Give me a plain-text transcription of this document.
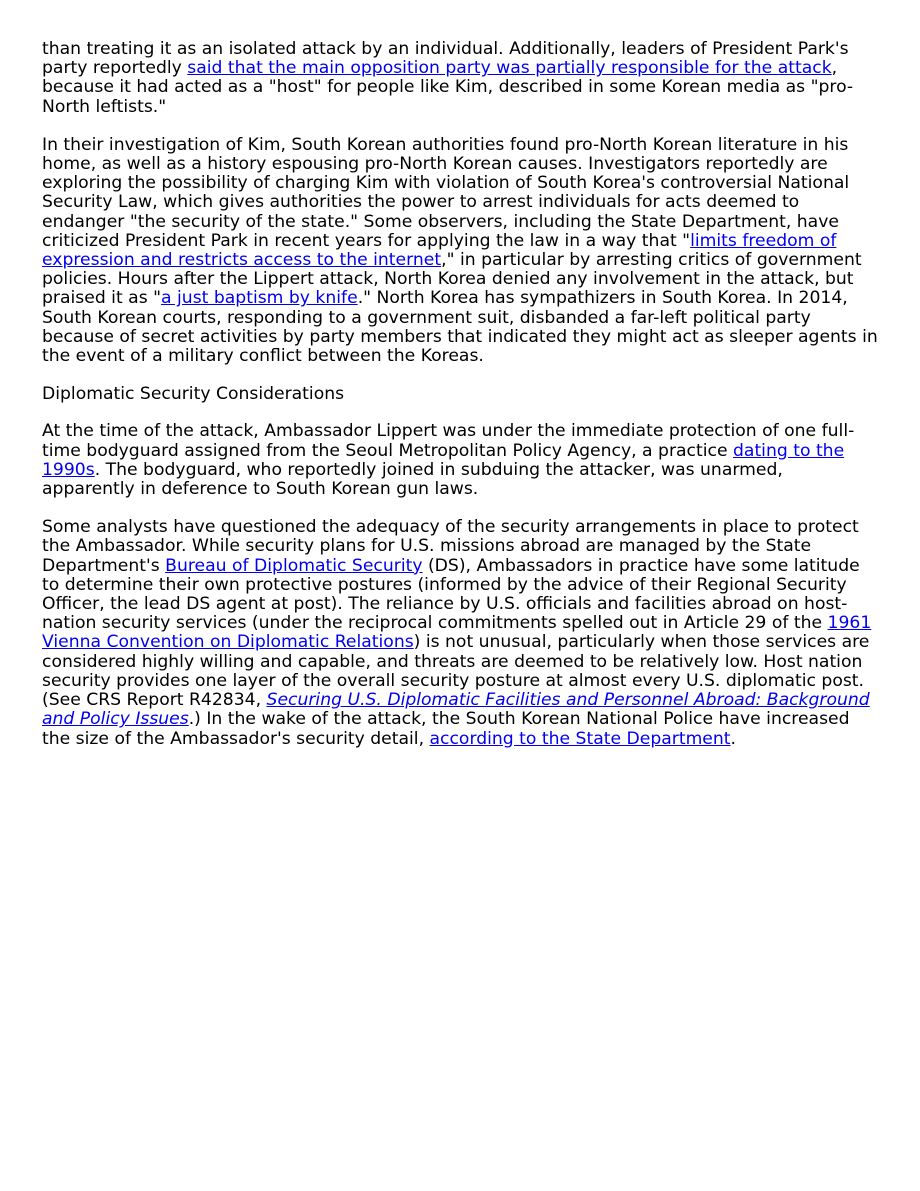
than treating it as an isolated attack by an individual. Additionally, leaders of President Park's party reportedly said that the main opposition party was partially responsible for the attack, because it had acted as a "host" for people like Kim, described in some Korean media as "pro-North leftists."

In their investigation of Kim, South Korean authorities found pro-North Korean literature in his home, as well as a history espousing pro-North Korean causes. Investigators reportedly are exploring the possibility of charging Kim with violation of South Korea's controversial National Security Law, which gives authorities the power to arrest individuals for acts deemed to endanger "the security of the state." Some observers, including the State Department, have criticized President Park in recent years for applying the law in a way that "limits freedom of expression and restricts access to the internet," in particular by arresting critics of government policies. Hours after the Lippert attack, North Korea denied any involvement in the attack, but praised it as "a just baptism by knife." North Korea has sympathizers in South Korea. In 2014, South Korean courts, responding to a government suit, disbanded a far-left political party because of secret activities by party members that indicated they might act as sleeper agents in the event of a military conflict between the Koreas.

Diplomatic Security Considerations

At the time of the attack, Ambassador Lippert was under the immediate protection of one full-time bodyguard assigned from the Seoul Metropolitan Policy Agency, a practice dating to the 1990s. The bodyguard, who reportedly joined in subduing the attacker, was unarmed, apparently in deference to South Korean gun laws.

Some analysts have questioned the adequacy of the security arrangements in place to protect the Ambassador. While security plans for U.S. missions abroad are managed by the State Department's Bureau of Diplomatic Security (DS), Ambassadors in practice have some latitude to determine their own protective postures (informed by the advice of their Regional Security Officer, the lead DS agent at post). The reliance by U.S. officials and facilities abroad on host-nation security services (under the reciprocal commitments spelled out in Article 29 of the 1961 Vienna Convention on Diplomatic Relations) is not unusual, particularly when those services are considered highly willing and capable, and threats are deemed to be relatively low. Host nation security provides one layer of the overall security posture at almost every U.S. diplomatic post. (See CRS Report R42834, Securing U.S. Diplomatic Facilities and Personnel Abroad: Background and Policy Issues.) In the wake of the attack, the South Korean National Police have increased the size of the Ambassador's security detail, according to the State Department.
